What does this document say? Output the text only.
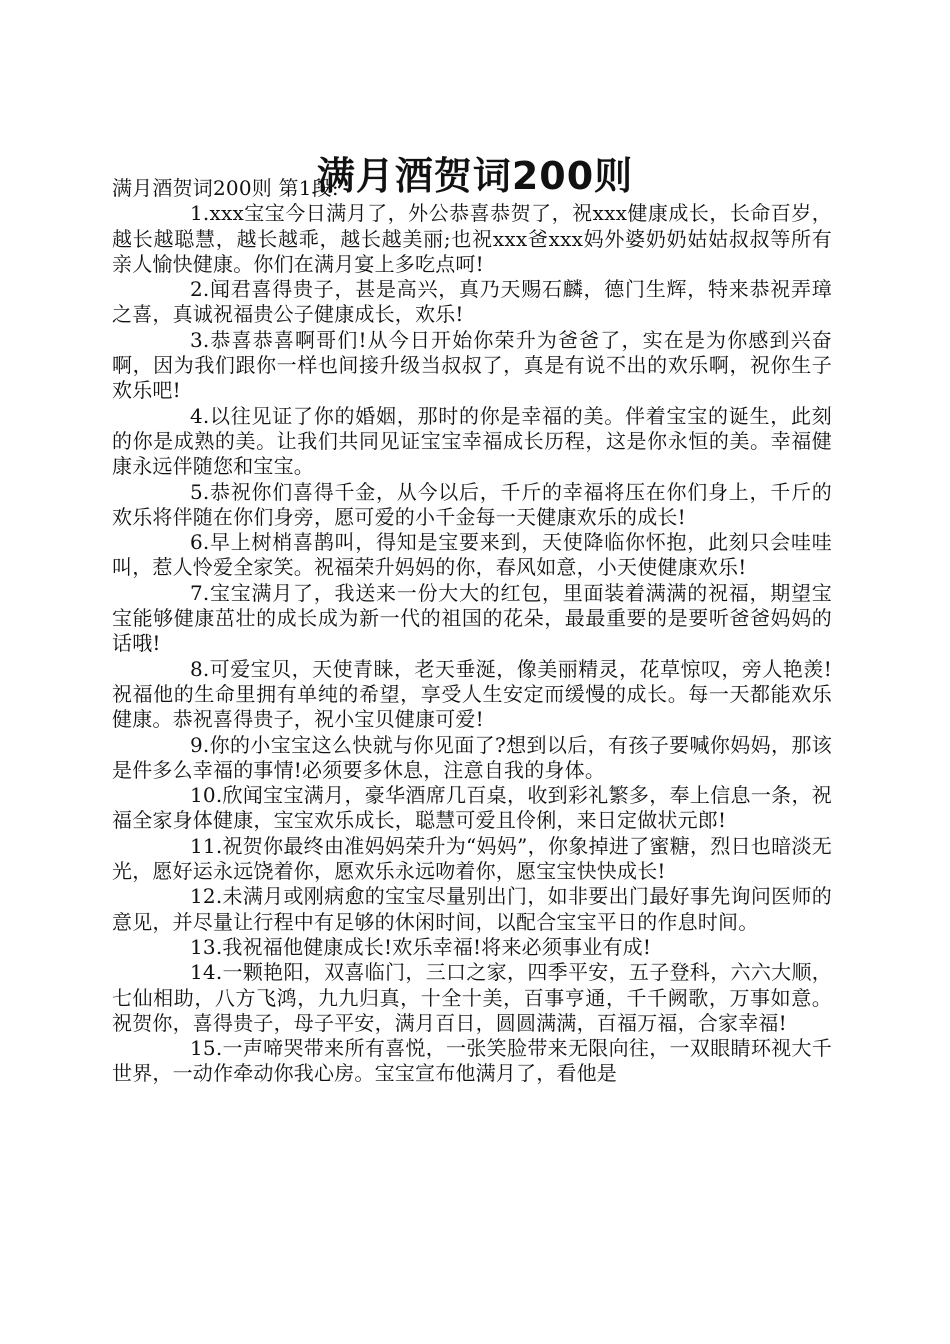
满月酒贺词200则

满月酒贺词200则 第1段:

1.xxx宝宝今日满月了，外公恭喜恭贺了，祝xxx健康成长，长命百岁，越长越聪慧，越长越乖，越长越美丽;也祝xxx爸xxx妈外婆奶奶姑姑叔叔等所有亲人愉快健康。你们在满月宴上多吃点呵!

2.闻君喜得贵子，甚是高兴，真乃天赐石麟，德门生辉，特来恭祝弄璋之喜，真诚祝福贵公子健康成长，欢乐!

3.恭喜恭喜啊哥们!从今日开始你荣升为爸爸了，实在是为你感到兴奋啊，因为我们跟你一样也间接升级当叔叔了，真是有说不出的欢乐啊，祝你生子欢乐吧!

4.以往见证了你的婚姻，那时的你是幸福的美。伴着宝宝的诞生，此刻的你是成熟的美。让我们共同见证宝宝幸福成长历程，这是你永恒的美。幸福健康永远伴随您和宝宝。

5.恭祝你们喜得千金，从今以后，千斤的幸福将压在你们身上，千斤的欢乐将伴随在你们身旁，愿可爱的小千金每一天健康欢乐的成长!

6.早上树梢喜鹊叫，得知是宝要来到，天使降临你怀抱，此刻只会哇哇叫，惹人怜爱全家笑。祝福荣升妈妈的你，春风如意，小天使健康欢乐!

7.宝宝满月了，我送来一份大大的红包，里面装着满满的祝福，期望宝宝能够健康茁壮的成长成为新一代的祖国的花朵，最最重要的是要听爸爸妈妈的话哦!

8.可爱宝贝，天使青睐，老天垂涎，像美丽精灵，花草惊叹，旁人艳羡!祝福他的生命里拥有单纯的希望，享受人生安定而缓慢的成长。每一天都能欢乐健康。恭祝喜得贵子，祝小宝贝健康可爱!

9.你的小宝宝这么快就与你见面了?想到以后，有孩子要喊你妈妈，那该是件多么幸福的事情!必须要多休息，注意自我的身体。

10.欣闻宝宝满月，豪华酒席几百桌，收到彩礼繁多，奉上信息一条，祝福全家身体健康，宝宝欢乐成长，聪慧可爱且伶俐，来日定做状元郎!

11.祝贺你最终由准妈妈荣升为“妈妈”，你象掉进了蜜糖，烈日也暗淡无光，愿好运永远饶着你，愿欢乐永远吻着你，愿宝宝快快成长!

12.未满月或刚病愈的宝宝尽量别出门，如非要出门最好事先询问医师的意见，并尽量让行程中有足够的休闲时间，以配合宝宝平日的作息时间。

13.我祝福他健康成长!欢乐幸福!将来必须事业有成!

14.一颗艳阳，双喜临门，三口之家，四季平安，五子登科，六六大顺，七仙相助，八方飞鸿，九九归真，十全十美，百事亨通，千千阙歌，万事如意。祝贺你，喜得贵子，母子平安，满月百日，圆圆满满，百福万福，合家幸福!

15.一声啼哭带来所有喜悦，一张笑脸带来无限向往，一双眼睛环视大千世界，一动作牵动你我心房。宝宝宣布他满月了，看他是
